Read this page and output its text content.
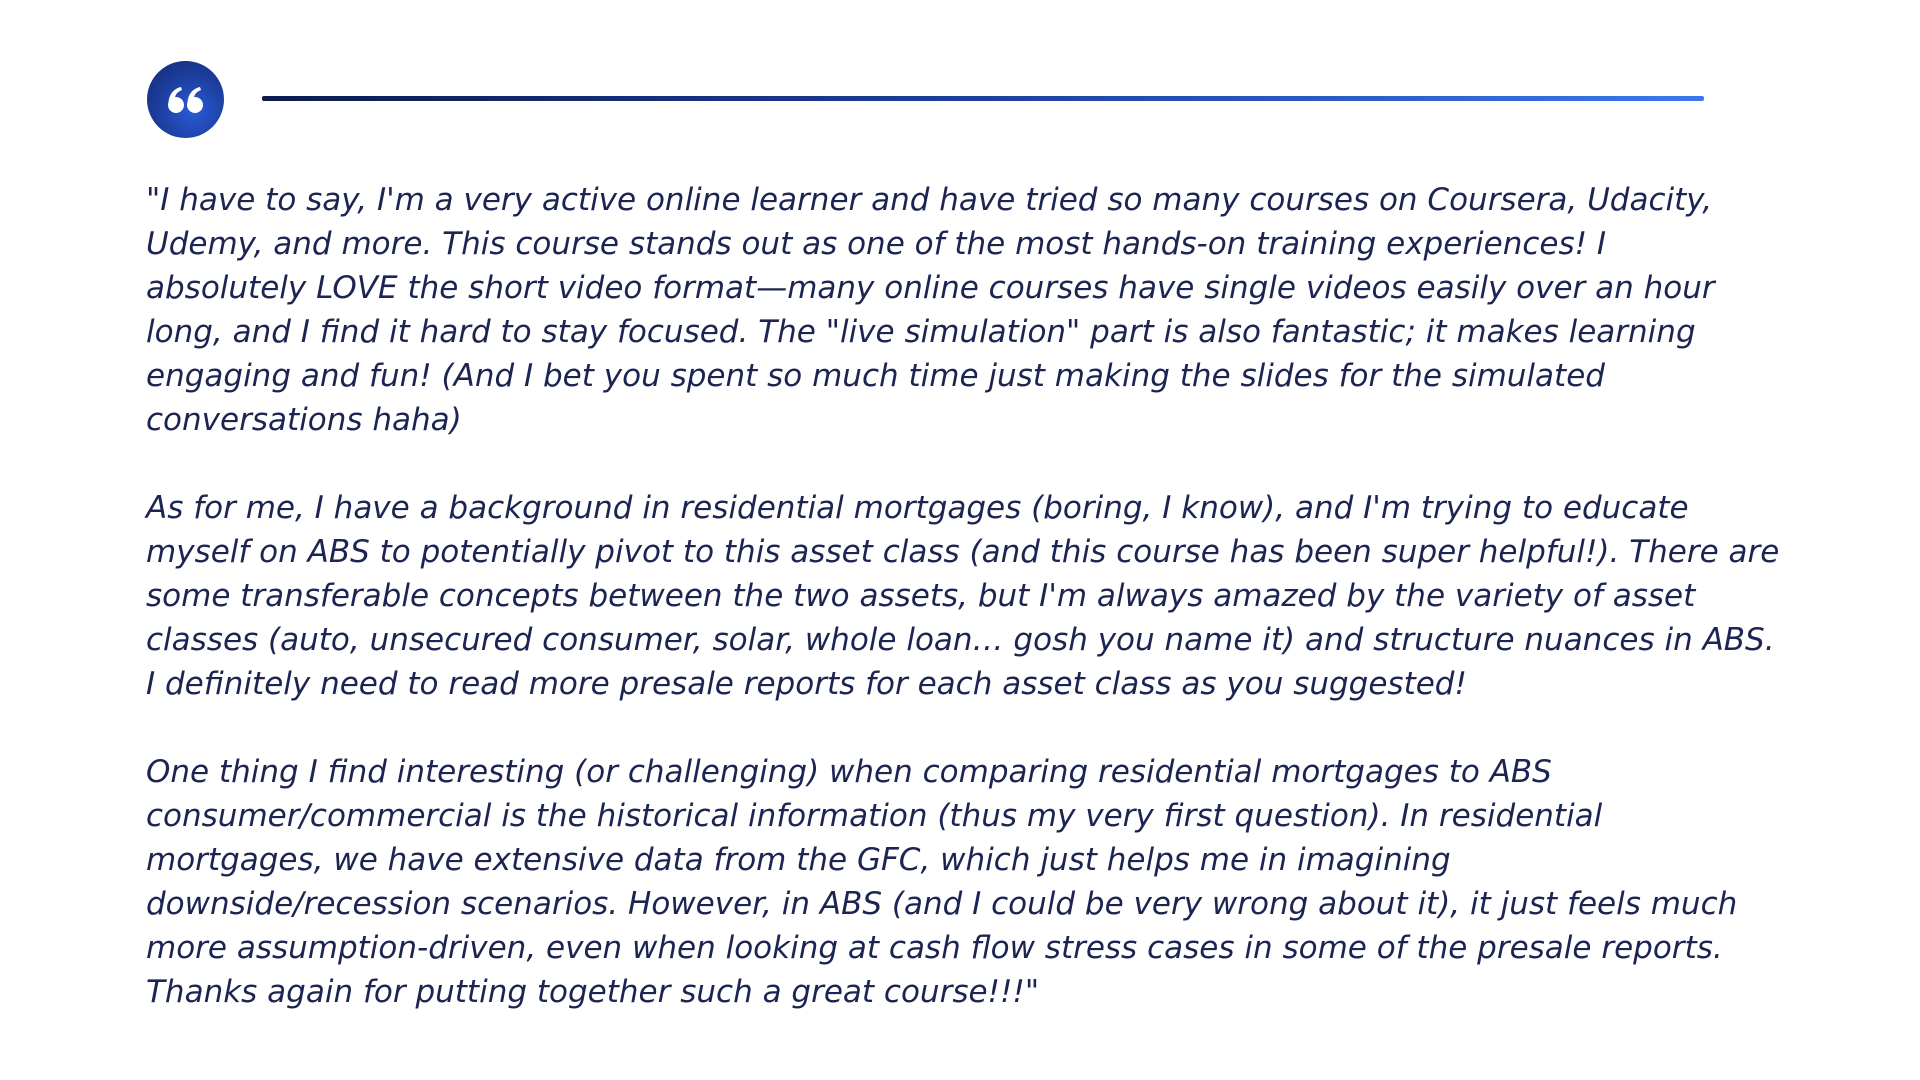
"I have to say, I'm a very active online learner and have tried so many courses on Coursera, Udacity,
Udemy, and more. This course stands out as one of the most hands-on training experiences! I
absolutely LOVE the short video format—many online courses have single videos easily over an hour
long, and I find it hard to stay focused. The "live simulation" part is also fantastic; it makes learning
engaging and fun! (And I bet you spent so much time just making the slides for the simulated
conversations haha)

As for me, I have a background in residential mortgages (boring, I know), and I'm trying to educate
myself on ABS to potentially pivot to this asset class (and this course has been super helpful!). There are
some transferable concepts between the two assets, but I'm always amazed by the variety of asset
classes (auto, unsecured consumer, solar, whole loan… gosh you name it) and structure nuances in ABS.
I definitely need to read more presale reports for each asset class as you suggested!

One thing I find interesting (or challenging) when comparing residential mortgages to ABS
consumer/commercial is the historical information (thus my very first question). In residential
mortgages, we have extensive data from the GFC, which just helps me in imagining
downside/recession scenarios. However, in ABS (and I could be very wrong about it), it just feels much
more assumption-driven, even when looking at cash flow stress cases in some of the presale reports.
Thanks again for putting together such a great course!!!"
